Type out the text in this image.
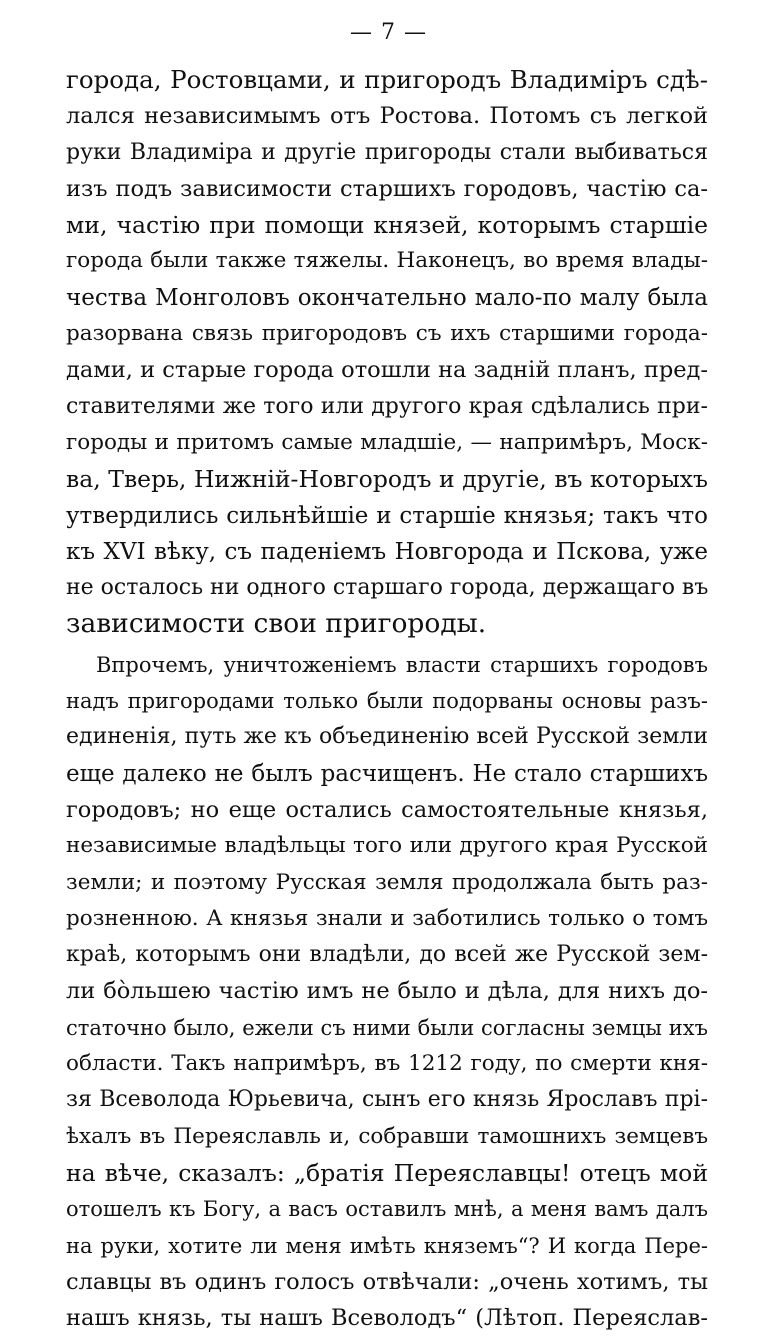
— 7 —
города, Ростовцами, и пригородъ Владиміръ сдѣ-
лался независимымъ отъ Ростова. Потомъ съ легкой
руки Владиміра и другіе пригороды стали выбиваться
изъ подъ зависимости старшихъ городовъ, частію са-
ми, частію при помощи князей, которымъ старшіе
города были также тяжелы. Наконецъ, во время влады-
чества Монголовъ окончательно мало-по малу была
разорвана связь пригородовъ съ ихъ старшими города-
дами, и старые города отошли на задній планъ, пред-
ставителями же того или другого края сдѣлались при-
городы и притомъ самые младшіе, — напримѣръ, Моск-
ва, Тверь, Нижній-Новгородъ и другіе, въ которыхъ
утвердились сильнѣйшіе и старшіе князья; такъ что
къ XVI вѣку, съ паденіемъ Новгорода и Пскова, уже
не осталось ни одного старшаго города, держащаго въ
зависимости свои пригороды.
Впрочемъ, уничтоженіемъ власти старшихъ городовъ
надъ пригородами только были подорваны основы разъ-
единенія, путь же къ объединенію всей Русской земли
еще далеко не былъ расчищенъ. Не стало старшихъ
городовъ; но еще остались самостоятельные князья,
независимые владѣльцы того или другого края Русской
земли; и поэтому Русская земля продолжала быть раз-
розненною. А князья знали и заботились только о томъ
краѣ, которымъ они владѣли, до всей же Русской зем-
ли бо̀льшею частію имъ не было и дѣла, для нихъ до-
статочно было, ежели съ ними были согласны земцы ихъ
области. Такъ напримѣръ, въ 1212 году, по смерти кня-
зя Всеволода Юрьевича, сынъ его князь Ярославъ прі-
ѣхалъ въ Переяславль и, собравши тамошнихъ земцевъ
на вѣче, сказалъ: „братія Переяславцы! отецъ мой
отошелъ къ Богу, а васъ оставилъ мнѣ, а меня вамъ далъ
на руки, хотите ли меня имѣть княземъ“? И когда Пере-
славцы въ одинъ голосъ отвѣчали: „очень хотимъ, ты
нашъ князь, ты нашъ Всеволодъ“ (Лѣтоп. Переяслав-
